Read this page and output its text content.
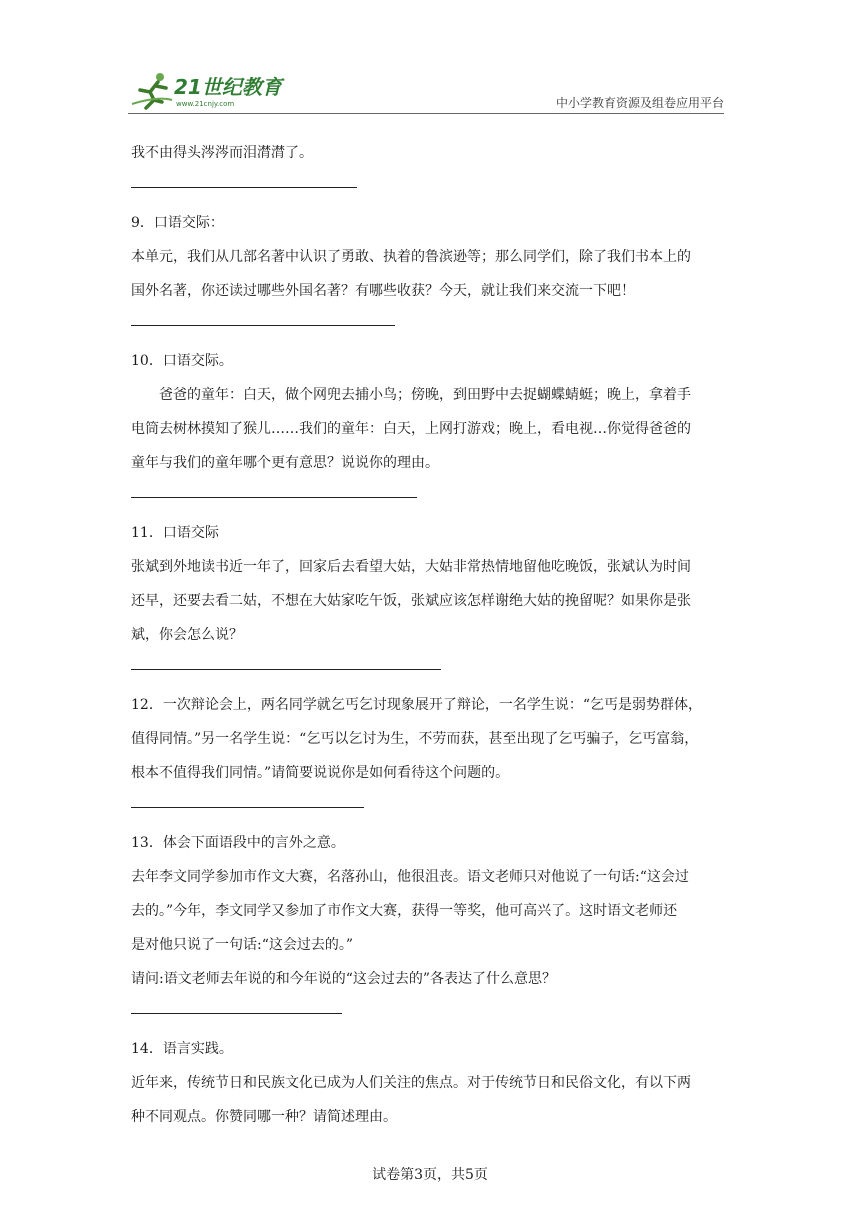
21世纪教育
www.21cnjy.com	中小学教育资源及组卷应用平台

我不由得头涔涔而泪潸潸了。

9．口语交际：

本单元，我们从几部名著中认识了勇敢、执着的鲁滨逊等；那么同学们，除了我们书本上的

国外名著，你还读过哪些外国名著？有哪些收获？今天，就让我们来交流一下吧！

10．口语交际。

爸爸的童年：白天，做个网兜去捕小鸟；傍晚，到田野中去捉蝴蝶蜻蜓；晚上，拿着手

电筒去树林摸知了猴儿……我们的童年：白天，上网打游戏；晚上，看电视…你觉得爸爸的

童年与我们的童年哪个更有意思？说说你的理由。

11．口语交际

张斌到外地读书近一年了，回家后去看望大姑，大姑非常热情地留他吃晚饭，张斌认为时间

还早，还要去看二姑，不想在大姑家吃午饭，张斌应该怎样谢绝大姑的挽留呢？如果你是张

斌，你会怎么说？

12．一次辩论会上，两名同学就乞丐乞讨现象展开了辩论，一名学生说：“乞丐是弱势群体，

值得同情。”另一名学生说：“乞丐以乞讨为生，不劳而获，甚至出现了乞丐骗子，乞丐富翁，

根本不值得我们同情。”请简要说说你是如何看待这个问题的。

13．体会下面语段中的言外之意。

去年李文同学参加市作文大赛，名落孙山，他很沮丧。语文老师只对他说了一句话:“这会过

去的。”今年，李文同学又参加了市作文大赛，获得一等奖，他可高兴了。这时语文老师还

是对他只说了一句话:“这会过去的。”

请问:语文老师去年说的和今年说的“这会过去的”各表达了什么意思？

14．语言实践。

近年来，传统节日和民族文化已成为人们关注的焦点。对于传统节日和民俗文化，有以下两

种不同观点。你赞同哪一种？请简述理由。

试卷第3页，共5页
